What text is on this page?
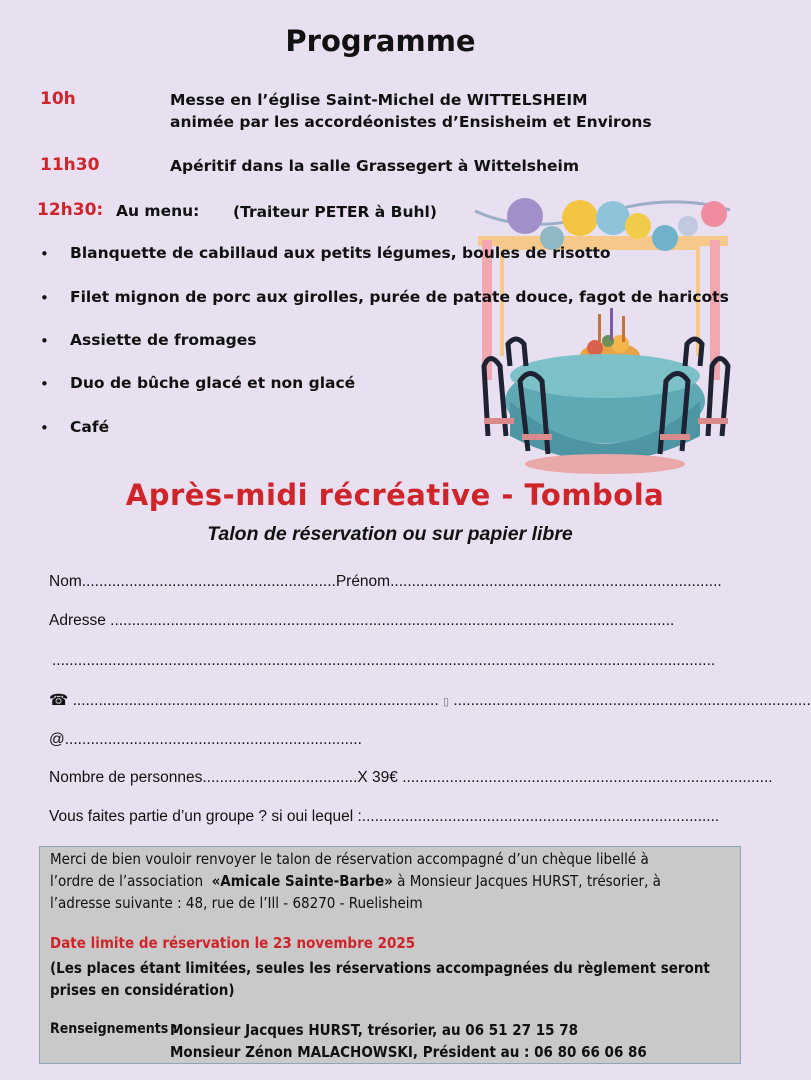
Programme
10h	Messe en l’église Saint-Michel de WITTELSHEIM
animée par les accordéonistes d’Ensisheim et Environs
11h30	Apéritif dans la salle Grassegert à Wittelsheim
12h30: Au menu: (Traiteur PETER à Buhl)
• Blanquette de cabillaud aux petits légumes, boules de risotto
• Filet mignon de porc aux girolles, purée de patate douce, fagot de haricots
• Assiette de fromages
• Duo de bûche glacé et non glacé
• Café
Après-midi récréative - Tombola
Talon de réservation ou sur papier libre
Nom...........................................................Prénom.............................................................................
Adresse ...................................................................................................................................
..........................................................................................................................................................
☎ ..................................................................................... ▯ ...................................................................................
@.....................................................................
Nombre de personnes....................................X 39€ ......................................................................................
Vous faites partie d’un groupe ? si oui lequel :...................................................................................
Merci de bien vouloir renvoyer le talon de réservation accompagné d’un chèque libellé à
l’ordre de l’association «Amicale Sainte-Barbe» à Monsieur Jacques HURST, trésorier, à
l’adresse suivante : 48, rue de l’Ill - 68270 - Ruelisheim
Date limite de réservation le 23 novembre 2025
(Les places étant limitées, seules les réservations accompagnées du règlement seront
prises en considération)
Renseignements :
Monsieur Jacques HURST, trésorier, au 06 51 27 15 78
Monsieur Zénon MALACHOWSKI, Président au : 06 80 66 06 86
